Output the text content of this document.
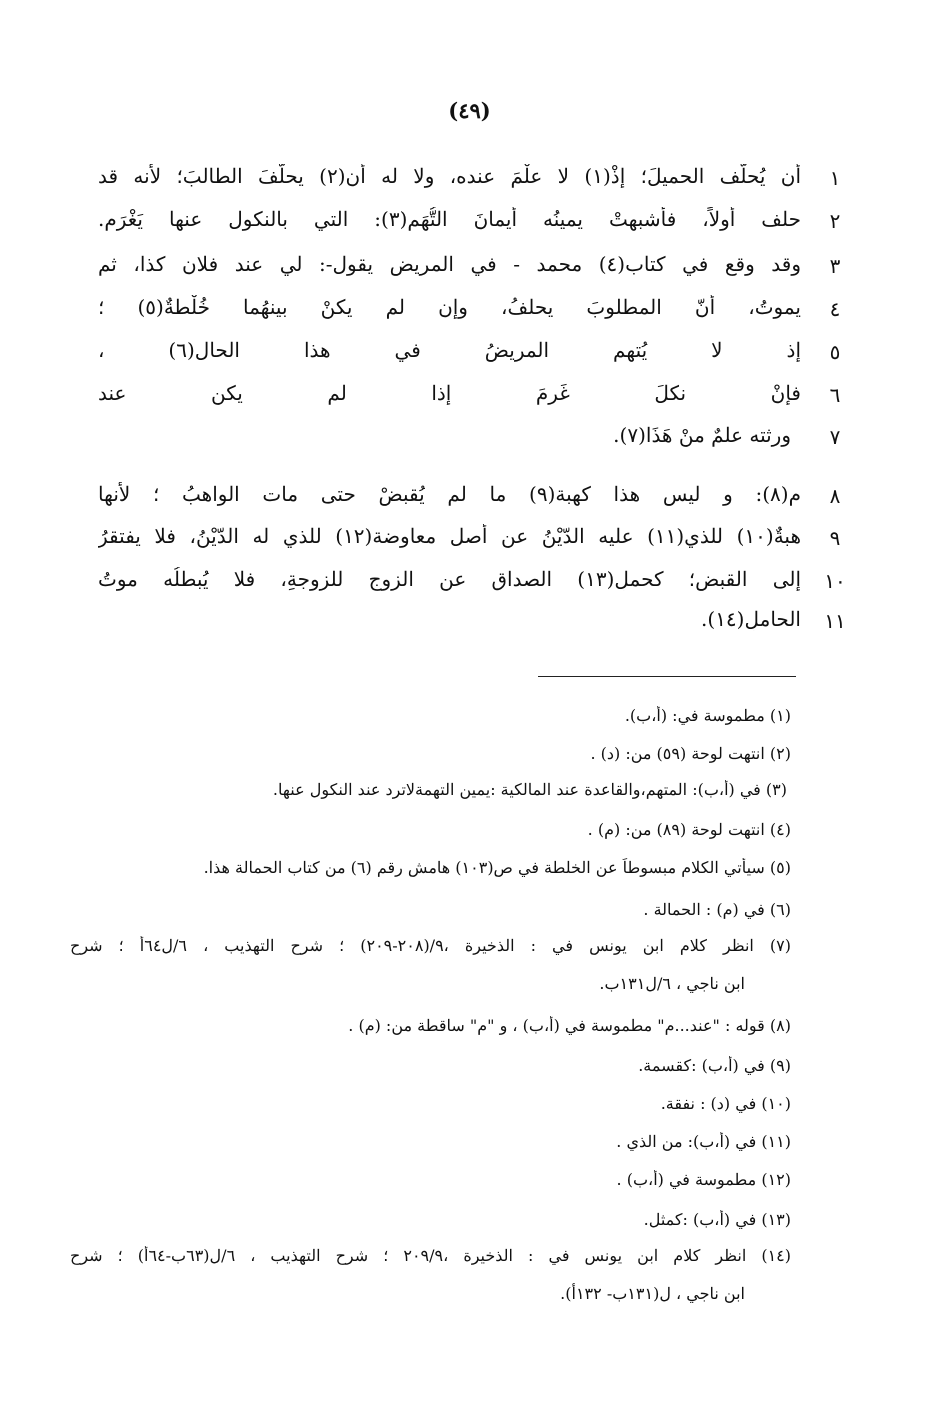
(٤٩)
١
أن يُحلّف الحميلَ؛ إذْ(١) لا علْمَ عنده، ولا له أن(٢) يحلّفَ الطالبَ؛ لأنه قد
٢
حلف أولاً، فأشبهتْ يمينُه أيمانَ التُّهَم(٣): التي بالنكول عنها يَغْرَم.
٣
وقد وقع في كتاب(٤) محمد - في المريض يقول-: لي عند فلان كذا، ثم
٤
يموتُ، أنّ المطلوبَ يحلفُ، وإن لم يكنْ بينهُما خُلْطةٌ(٥) ؛
٥
إذ لا يُتهم المريضُ في هذا الحال(٦) ،
٦
فإنْ نكلَ غَرِمَ إذا لم يكن عند
٧
ورثته علمٌ منْ هَذَا(٧).
٨
م(٨): و ليس هذا كهبة(٩) ما لم يُقبضْ حتى مات الواهبُ ؛ لأنها
٩
هبةٌ(١٠) للذي(١١) عليه الدّيْنُ عن أصلِ معاوضة(١٢) للذي له الدّيْنُ، فلا يفتقرُ
١٠
إلى القبض؛ كحملِ(١٣) الصداقِ عن الزوجِ للزوجةِ، فلا يُبطلُه موتُ
١١
الحاملِ(١٤).
(١) مطموسة في: (أ،ب).
(٢) انتهت لوحة (٥٩) من: (د) .
(٣) في (أ،ب): المتهم،والقاعدة عند المالكية :يمين التهمةلاترد عند النكول عنها.
(٤) انتهت لوحة (٨٩) من: (م) .
(٥) سيأتي الكلام مبسوطاً عن الخلطة في ص(١٠٣) هامش رقم (٦) من كتاب الحمالة هذا.
(٦) في (م) : الحمالة .
(٧) انظر كلام ابن يونس في : الذخيرة ،٩/(٢٠٨-٢٠٩) ؛ شرح التهذيب ، ٦/ل٦٤أ ؛ شرح
ابن ناجي ، ٦/ل١٣١ب.
(٨) قوله : "عند...م" مطموسة في (أ،ب) ، و "م" ساقطة من: (م) .
(٩) في (أ،ب) :كقسمة.
(١٠) في (د) : نفقة.
(١١) في (أ،ب): من الذي .
(١٢) مطموسة في (أ،ب) .
(١٣) في (أ،ب) :كمثل.
(١٤) انظر كلام ابن يونس في : الذخيرة ،٢٠٩/٩ ؛ شرح التهذيب ، ٦/ل(٦٣ب-٦٤أ) ؛ شرح
ابن ناجي ، ل(١٣١ب- ١٣٢أ).
